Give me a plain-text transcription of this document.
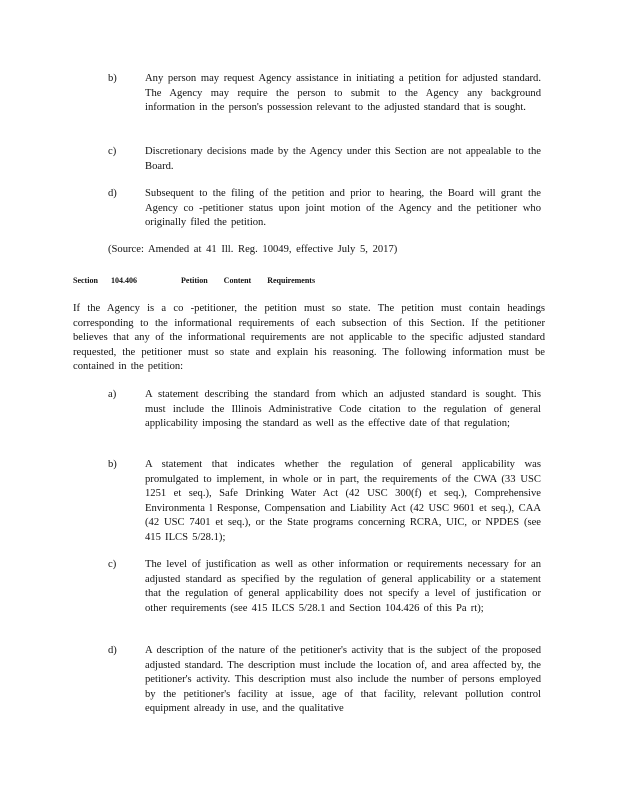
b)	Any person may request Agency assistance in initiating a petition for adjusted standard. The Agency may require the person to submit to the Agency any background information in the person's possession relevant to the adjusted standard that is sought.
c)	Discretionary decisions made by the Agency under this Section are not appealable to the Board.
d)	Subsequent to the filing of the petition and prior to hearing, the Board will grant the Agency co -petitioner status upon joint motion of the Agency and the petitioner who originally filed the petition.
(Source: Amended at 41 Ill. Reg. 10049, effective July 5, 2017)
Section 104.406	Petition Content Requirements
If the Agency is a co -petitioner, the petition must so state. The petition must contain headings corresponding to the informational requirements of each subsection of this Section. If the petitioner believes that any of the informational requirements are not applicable to the specific adjusted standard requested, the petitioner must so state and explain his reasoning. The following information must be contained in the petition:
a)	A statement describing the standard from which an adjusted standard is sought. This must include the Illinois Administrative Code citation to the regulation of general applicability imposing the standard as well as the effective date of that regulation;
b)	A statement that indicates whether the regulation of general applicability was promulgated to implement, in whole or in part, the requirements of the CWA (33 USC 1251 et seq.), Safe Drinking Water Act (42 USC 300(f) et seq.), Comprehensive Environmenta l Response, Compensation and Liability Act (42 USC 9601 et seq.), CAA (42 USC 7401 et seq.), or the State programs concerning RCRA, UIC, or NPDES (see 415 ILCS 5/28.1);
c)	The level of justification as well as other information or requirements necessary for an adjusted standard as specified by the regulation of general applicability or a statement that the regulation of general applicability does not specify a level of justification or other requirements (see 415 ILCS 5/28.1 and Section 104.426 of this Pa rt);
d)	A description of the nature of the petitioner's activity that is the subject of the proposed adjusted standard. The description must include the location of, and area affected by, the petitioner's activity. This description must also include the number of persons employed by the petitioner's facility at issue, age of that facility, relevant pollution control equipment already in use, and the qualitative
